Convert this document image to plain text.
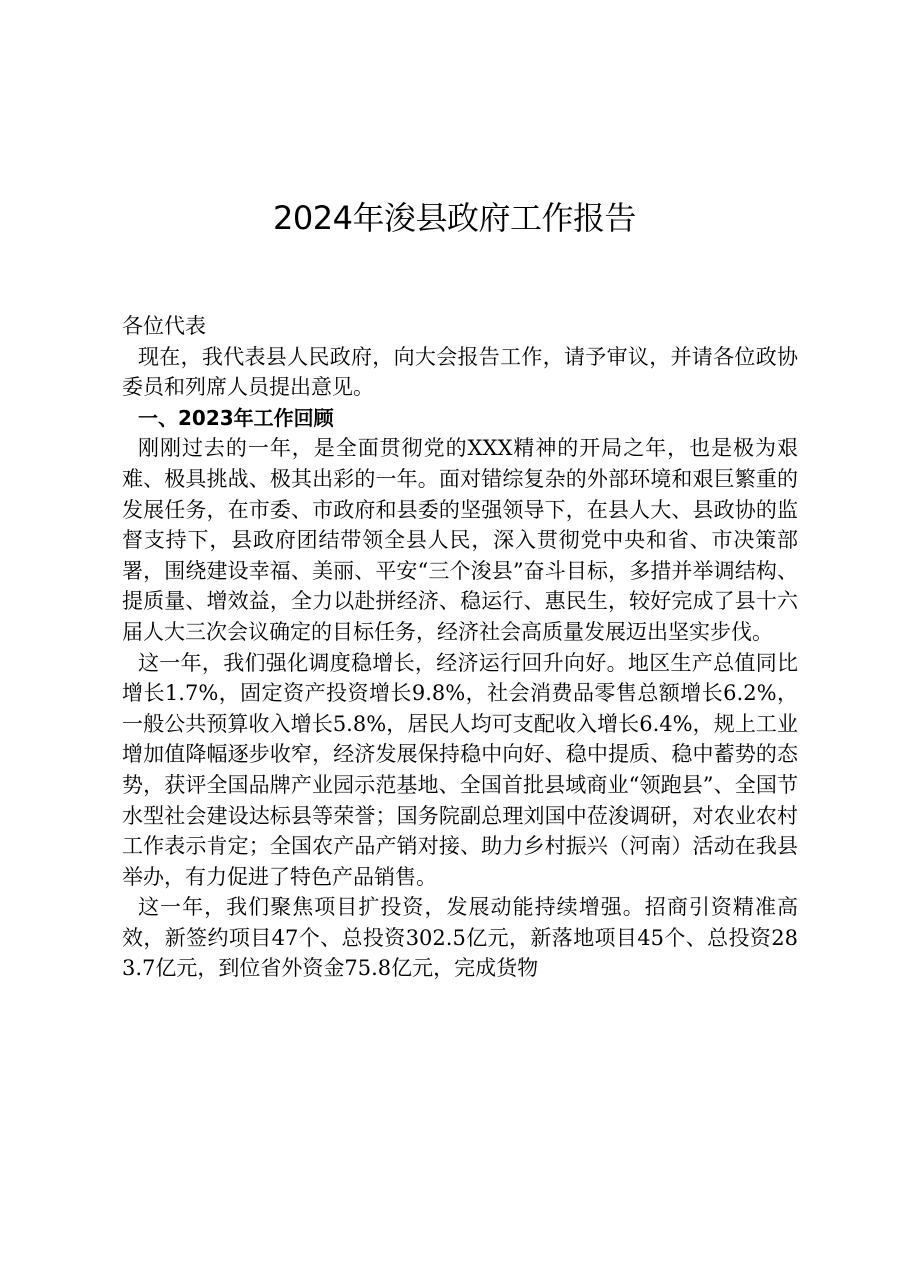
2024年浚县政府工作报告

各位代表

现在，我代表县人民政府，向大会报告工作，请予审议，并请各位政协委员和列席人员提出意见。

一、2023年工作回顾

刚刚过去的一年，是全面贯彻党的XXX精神的开局之年，也是极为艰难、极具挑战、极其出彩的一年。面对错综复杂的外部环境和艰巨繁重的发展任务，在市委、市政府和县委的坚强领导下，在县人大、县政协的监督支持下，县政府团结带领全县人民，深入贯彻党中央和省、市决策部署，围绕建设幸福、美丽、平安“三个浚县”奋斗目标，多措并举调结构、提质量、增效益，全力以赴拼经济、稳运行、惠民生，较好完成了县十六届人大三次会议确定的目标任务，经济社会高质量发展迈出坚实步伐。

这一年，我们强化调度稳增长，经济运行回升向好。地区生产总值同比增长1.7%，固定资产投资增长9.8%，社会消费品零售总额增长6.2%，一般公共预算收入增长5.8%，居民人均可支配收入增长6.4%，规上工业增加值降幅逐步收窄，经济发展保持稳中向好、稳中提质、稳中蓄势的态势，获评全国品牌产业园示范基地、全国首批县域商业“领跑县”、全国节水型社会建设达标县等荣誉；国务院副总理刘国中莅浚调研，对农业农村工作表示肯定；全国农产品产销对接、助力乡村振兴（河南）活动在我县举办，有力促进了特色产品销售。

这一年，我们聚焦项目扩投资，发展动能持续增强。招商引资精准高效，新签约项目47个、总投资302.5亿元，新落地项目45个、总投资283.7亿元，到位省外资金75.8亿元，完成货物
